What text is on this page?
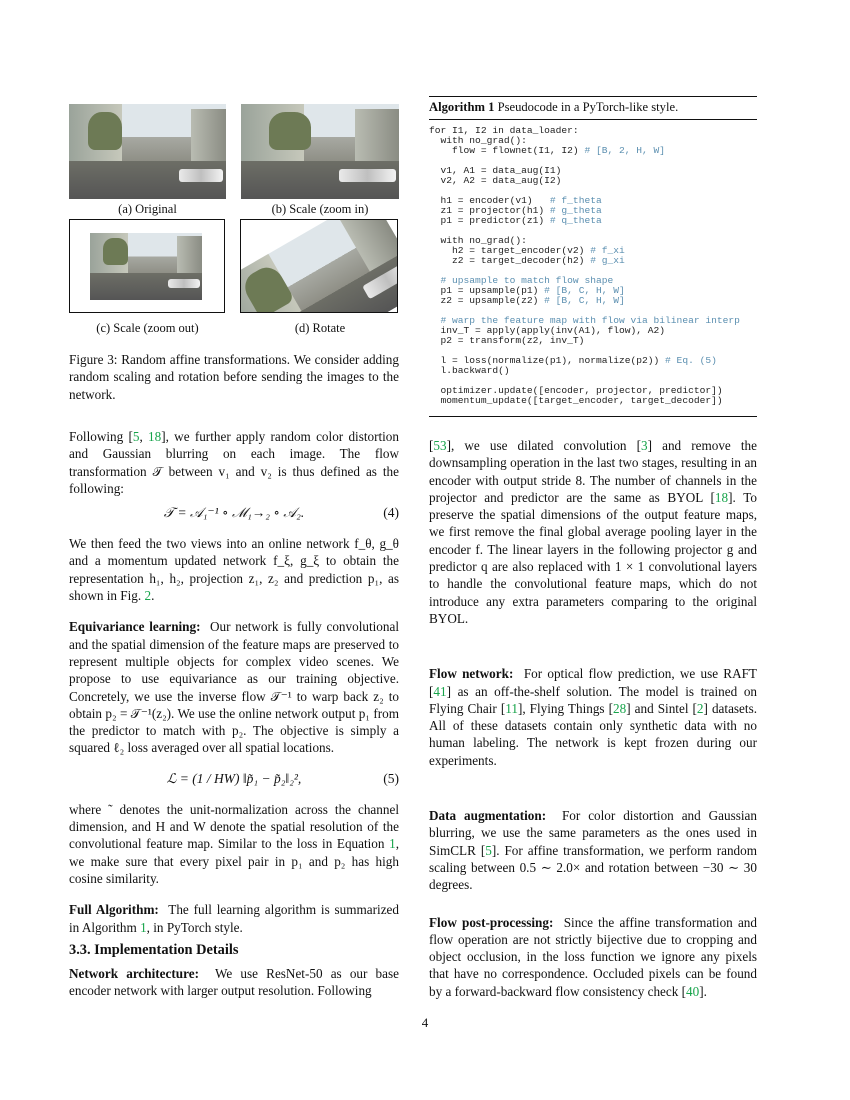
(a) Original	(b) Scale (zoom in)
(c) Scale (zoom out)	(d) Rotate

Figure 3: Random affine transformations. We consider adding random scaling and rotation before sending the images to the network.

Following [5, 18], we further apply random color distortion and Gaussian blurring on each image. The flow transformation 𝒯 between v₁ and v₂ is thus defined as the following:

𝒯 = 𝒜₁⁻¹ ∘ ℳ₁→₂ ∘ 𝒜₂.	(4)

We then feed the two views into an online network f_θ, g_θ and a momentum updated network f_ξ, g_ξ to obtain the representation h₁, h₂, projection z₁, z₂ and prediction p₁, as shown in Fig. 2.

Equivariance learning: Our network is fully convolutional and the spatial dimension of the feature maps are preserved to represent multiple objects for complex video scenes. We propose to use equivariance as our training objective. Concretely, we use the inverse flow 𝒯⁻¹ to warp back z₂ to obtain p₂ = 𝒯⁻¹(z₂). We use the online network output p₁ from the predictor to match with p₂. The objective is simply a squared ℓ₂ loss averaged over all spatial locations.

ℒ = (1 / HW) ‖p̃₁ − p̃₂‖₂²,	(5)

where ˜ denotes the unit-normalization across the channel dimension, and H and W denote the spatial resolution of the convolutional feature map. Similar to the loss in Equation 1, we make sure that every pixel pair in p₁ and p₂ has high cosine similarity.

Full Algorithm: The full learning algorithm is summarized in Algorithm 1, in PyTorch style.

3.3. Implementation Details

Network architecture: We use ResNet-50 as our base encoder network with larger output resolution. Following

Algorithm 1 Pseudocode in a PyTorch-like style.
for I1, I2 in data_loader:
with no_grad():
flow = flownet(I1, I2) # [B, 2, H, W]
v1, A1 = data_aug(I1)
v2, A2 = data_aug(I2)
h1 = encoder(v1)   # f_theta
z1 = projector(h1) # g_theta
p1 = predictor(z1) # q_theta
with no_grad():
h2 = target_encoder(v2) # f_xi
z2 = target_decoder(h2) # g_xi
# upsample to match flow shape
p1 = upsample(p1) # [B, C, H, W]
z2 = upsample(z2) # [B, C, H, W]
# warp the feature map with flow via bilinear interp
inv_T = apply(apply(inv(A1), flow), A2)
p2 = transform(z2, inv_T)
l = loss(normalize(p1), normalize(p2)) # Eq. (5)
l.backward()
optimizer.update([encoder, projector, predictor])
momentum_update([target_encoder, target_decoder])

[53], we use dilated convolution [3] and remove the downsampling operation in the last two stages, resulting in an encoder with output stride 8. The number of channels in the projector and predictor are the same as BYOL [18]. To preserve the spatial dimensions of the output feature maps, we first remove the final global average pooling layer in the encoder f. The linear layers in the following projector g and predictor q are also replaced with 1 × 1 convolutional layers to handle the convolutional feature maps, which do not introduce any extra parameters comparing to the original BYOL.

Flow network: For optical flow prediction, we use RAFT [41] as an off-the-shelf solution. The model is trained on Flying Chair [11], Flying Things [28] and Sintel [2] datasets. All of these datasets contain only synthetic data with no human labeling. The network is kept frozen during our experiments.

Data augmentation: For color distortion and Gaussian blurring, we use the same parameters as the ones used in SimCLR [5]. For affine transformation, we perform random scaling between 0.5 ∼ 2.0× and rotation between −30 ∼ 30 degrees.

Flow post-processing: Since the affine transformation and flow operation are not strictly bijective due to cropping and object occlusion, in the loss function we ignore any pixels that have no correspondence. Occluded pixels can be found by a forward-backward flow consistency check [40].

4
